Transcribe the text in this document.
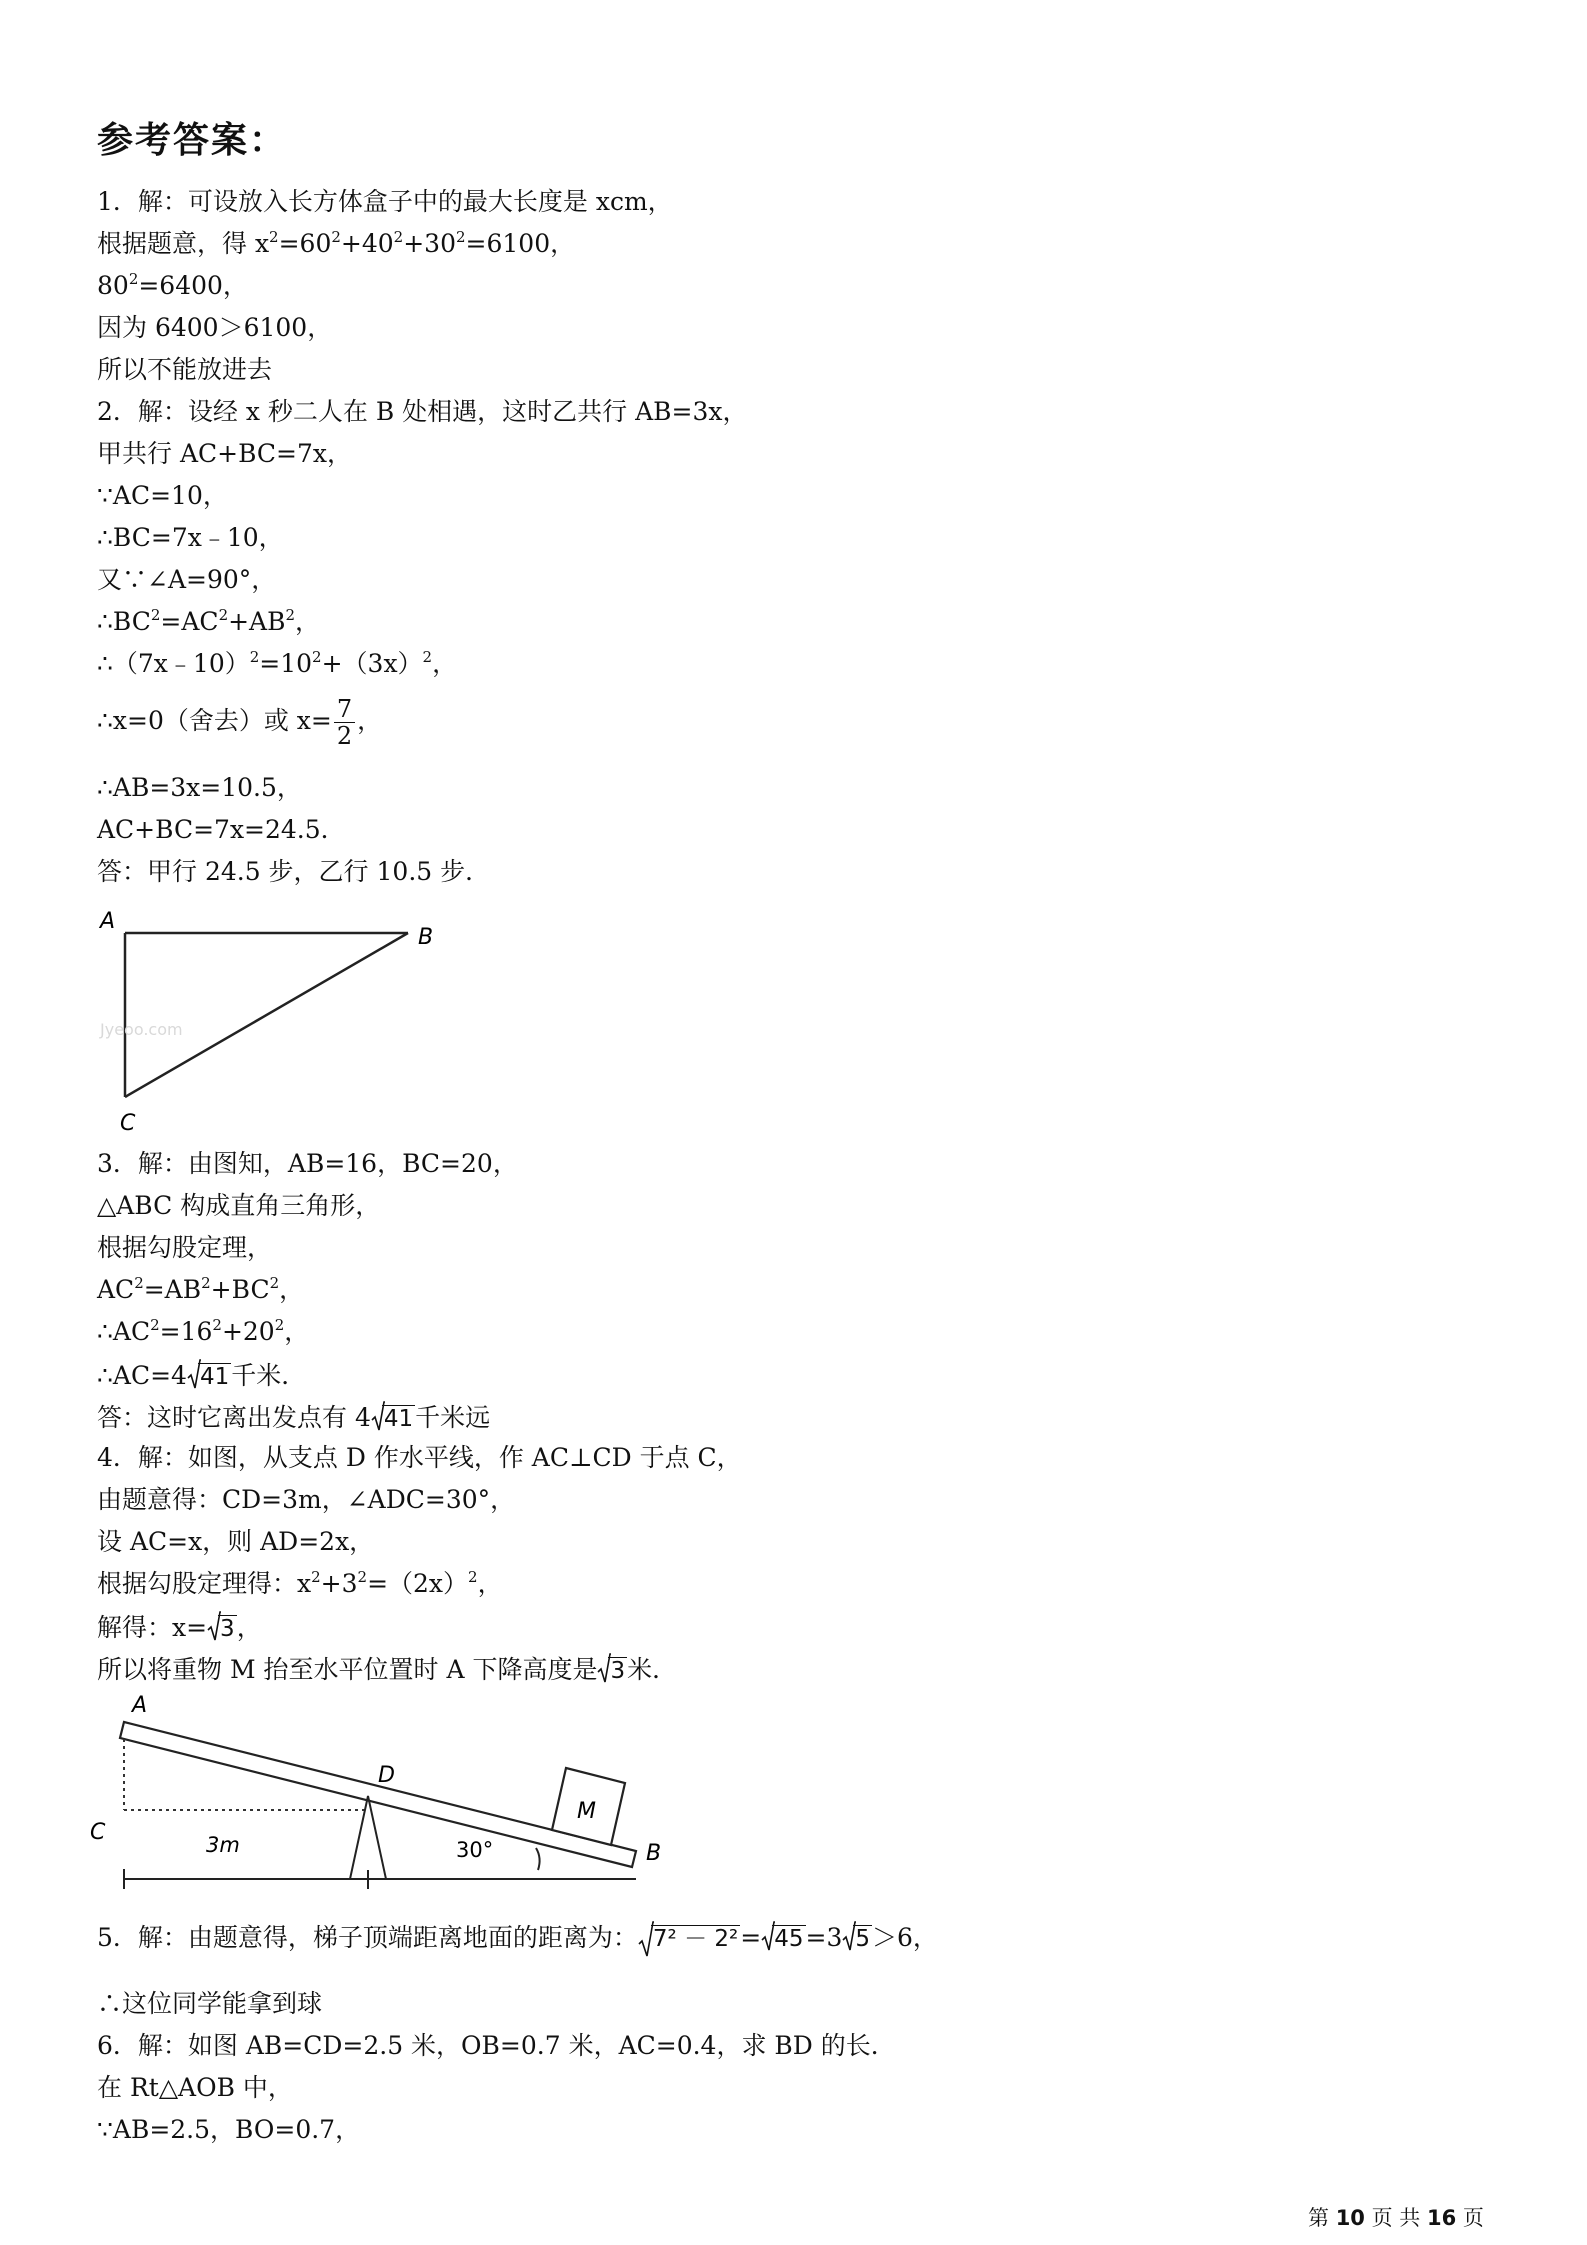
参考答案：
1．解：可设放入长方体盒子中的最大长度是 xcm，
根据题意，得 $x^2=60^2+40^2+30^2=6100$，
$80^2=6400$，
因为 6400＞6100，
所以不能放进去
2．解：设经 x 秒二人在 B 处相遇，这时乙共行 AB=3x，
甲共行 AC+BC=7x，
∵AC=10，
∴BC=7x﹣10，
又∵∠A=90°，
$\therefore BC^2=AC^2+AB^2$，
$\therefore(7x﹣10)^2=10^2+(3x)^2$，
∴x=0（舍去）或 $x= \frac{7}{2}$ ，
∴AB=3x=10.5，
AC+BC=7x=24.5．
答：甲行 24.5 步，乙行 10.5 步．
A
B
C
Jyeoo.com
3．解：由图知，AB=16，BC=20，
△ABC 构成直角三角形，
根据勾股定理，
$AC^2=AB^2+BC^2$，
$\therefore AC^2=16^2+20^2$，
∴AC=4 41千米．
答：这时它离出发点有 4 41千米远
4．解：如图，从支点 D 作水平线，作 AC⊥CD 于点 C，
由题意得：CD=3m，∠ADC=30°，
设 AC=x，则 AD=2x，
根据勾股定理得：$x^2+3^2=(2x)^2$，
解得：x= 3，
所以将重物 M 抬至水平位置时 A 下降高度是 3米．
A
C
D
M
B
3m	30°
5．解：由题意得，梯子顶端距离地面的距离为： 7² － 2²= 45=3 5＞6，
∴这位同学能拿到球
6．解：如图 AB=CD=2.5 米，OB=0.7 米，AC=0.4，求 BD 的长．
在 Rt△AOB 中，
∵AB=2.5，BO=0.7，
第 10 页 共 16 页
